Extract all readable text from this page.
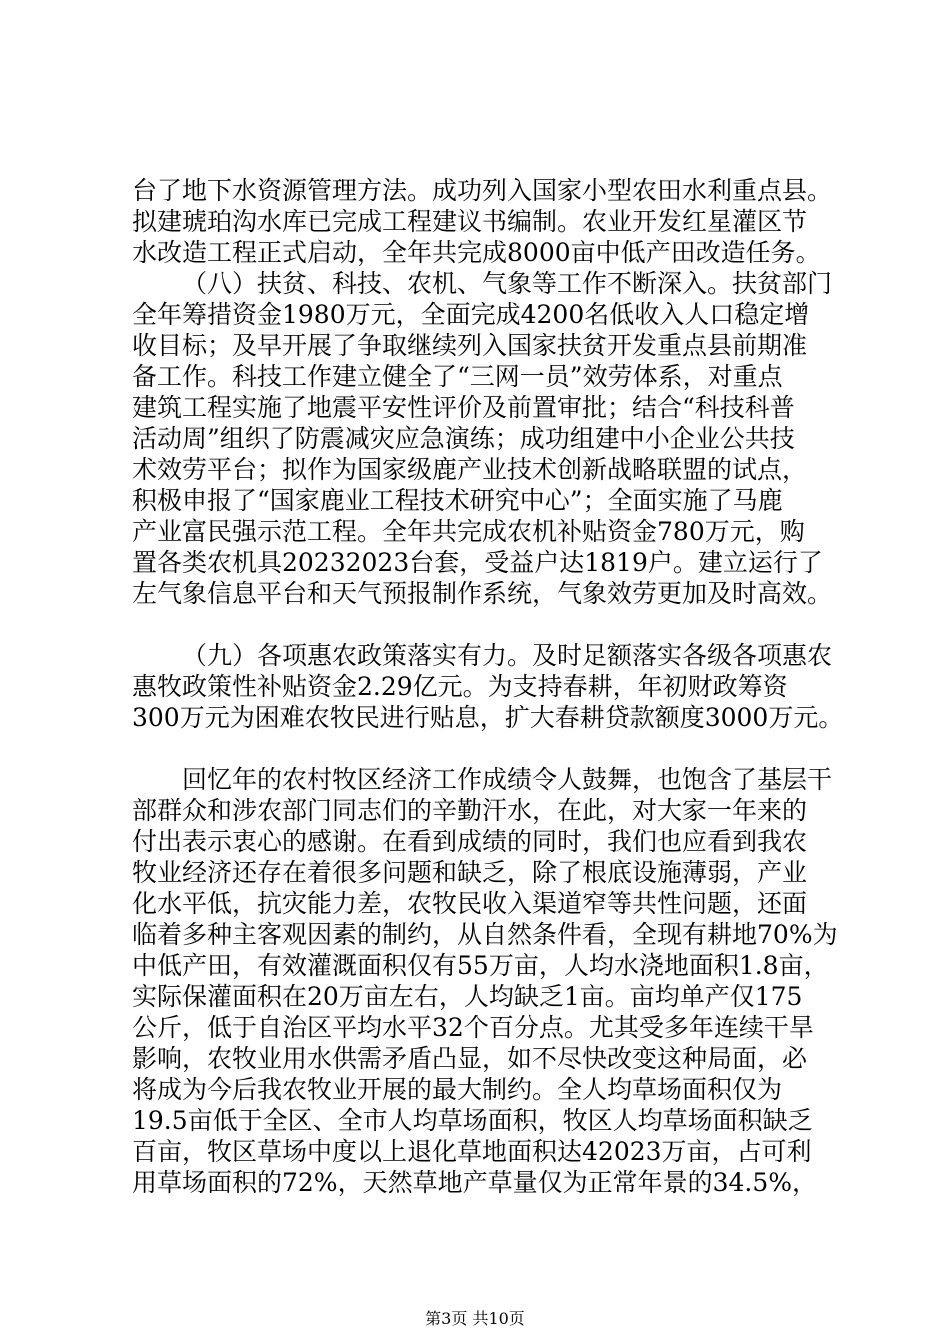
台了地下水资源管理方法。成功列入国家小型农田水利重点县。
拟建琥珀沟水库已完成工程建议书编制。农业开发红星灌区节
水改造工程正式启动，全年共完成8000亩中低产田改造任务。
（八）扶贫、科技、农机、气象等工作不断深入。扶贫部门
全年筹措资金1980万元，全面完成4200名低收入人口稳定增
收目标；及早开展了争取继续列入国家扶贫开发重点县前期准
备工作。科技工作建立健全了“三网一员”效劳体系，对重点
建筑工程实施了地震平安性评价及前置审批；结合“科技科普
活动周”组织了防震减灾应急演练；成功组建中小企业公共技
术效劳平台；拟作为国家级鹿产业技术创新战略联盟的试点，
积极申报了“国家鹿业工程技术研究中心”；全面实施了马鹿
产业富民强示范工程。全年共完成农机补贴资金780万元，购
置各类农机具20232023台套，受益户达1819户。建立运行了
左气象信息平台和天气预报制作系统，气象效劳更加及时高效。
（九）各项惠农政策落实有力。及时足额落实各级各项惠农
惠牧政策性补贴资金2.29亿元。为支持春耕，年初财政筹资
300万元为困难农牧民进行贴息，扩大春耕贷款额度3000万元。
回忆年的农村牧区经济工作成绩令人鼓舞，也饱含了基层干
部群众和涉农部门同志们的辛勤汗水，在此，对大家一年来的
付出表示衷心的感谢。在看到成绩的同时，我们也应看到我农
牧业经济还存在着很多问题和缺乏，除了根底设施薄弱，产业
化水平低，抗灾能力差，农牧民收入渠道窄等共性问题，还面
临着多种主客观因素的制约，从自然条件看，全现有耕地70%为
中低产田，有效灌溉面积仅有55万亩，人均水浇地面积1.8亩，
实际保灌面积在20万亩左右，人均缺乏1亩。亩均单产仅175
公斤，低于自治区平均水平32个百分点。尤其受多年连续干旱
影响，农牧业用水供需矛盾凸显，如不尽快改变这种局面，必
将成为今后我农牧业开展的最大制约。全人均草场面积仅为
19.5亩低于全区、全市人均草场面积，牧区人均草场面积缺乏
百亩，牧区草场中度以上退化草地面积达42023万亩，占可利
用草场面积的72%，天然草地产草量仅为正常年景的34.5%，
第3页 共10页
